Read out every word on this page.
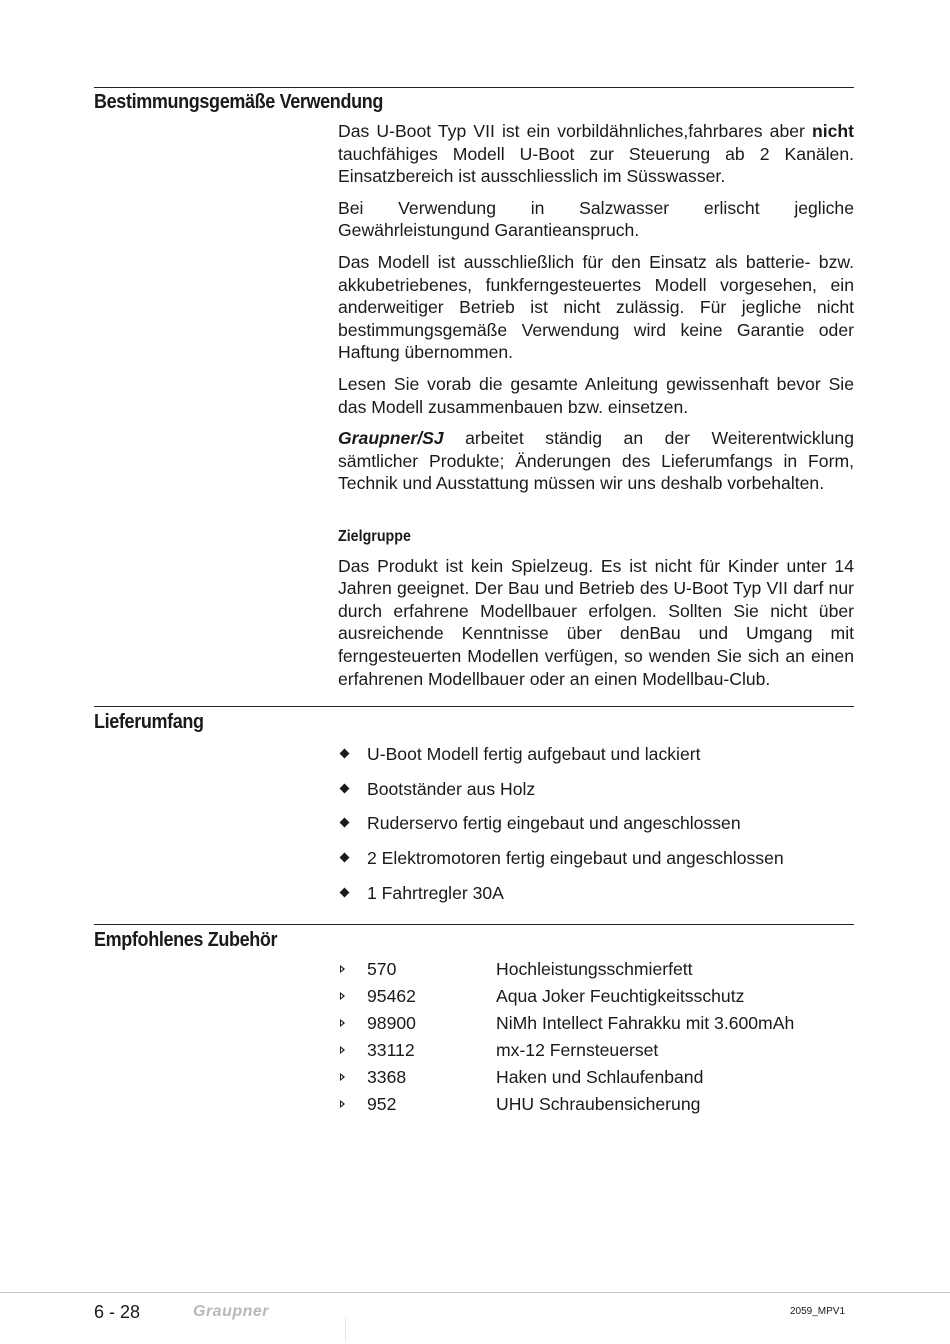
Bestimmungsgemäße Verwendung

Das U-Boot Typ VII ist ein vorbildähnliches,fahrbares aber nicht tauchfähiges Modell U-Boot zur Steuerung ab 2 Kanälen. Einsatzbereich ist ausschliesslich im Süsswasser.

Bei Verwendung in Salzwasser erlischt jegliche Gewährleistungund Garantieanspruch.

Das Modell ist ausschließlich für den Einsatz als batterie- bzw. akkubetriebenes, funkferngesteuertes Modell vorgesehen, ein anderweitiger Betrieb ist nicht zulässig. Für jegliche nicht bestimmungsgemäße Verwendung wird keine Garantie oder Haftung übernommen.

Lesen Sie vorab die gesamte Anleitung gewissenhaft bevor Sie das Modell zusammenbauen bzw. einsetzen.

Graupner/SJ arbeitet ständig an der Weiterentwicklung sämtlicher Produkte; Änderungen des Lieferumfangs in Form, Technik und Ausstattung müssen wir uns deshalb vorbehalten.

Zielgruppe

Das Produkt ist kein Spielzeug. Es ist nicht für Kinder unter 14 Jahren geeignet. Der Bau und Betrieb des U-Boot Typ VII darf nur durch erfahrene Modellbauer erfolgen. Sollten Sie nicht über ausreichende Kenntnisse über denBau und Umgang mit ferngesteuerten Modellen verfügen, so wenden Sie sich an einen erfahrenen Modellbauer oder an einen Modellbau-Club.

Lieferumfang
U-Boot Modell fertig aufgebaut und lackiert
Bootständer aus Holz
Ruderservo fertig eingebaut und angeschlossen
2 Elektromotoren fertig eingebaut und angeschlossen
1 Fahrtregler 30A
Empfohlenes Zubehör
570	Hochleistungsschmierfett
95462	Aqua Joker Feuchtigkeitsschutz
98900	NiMh Intellect Fahrakku mit 3.600mAh
33112	mx-12 Fernsteuerset
3368	Haken und Schlaufenband
952	UHU Schraubensicherung
6 - 28	Graupner	2059_MPV1
